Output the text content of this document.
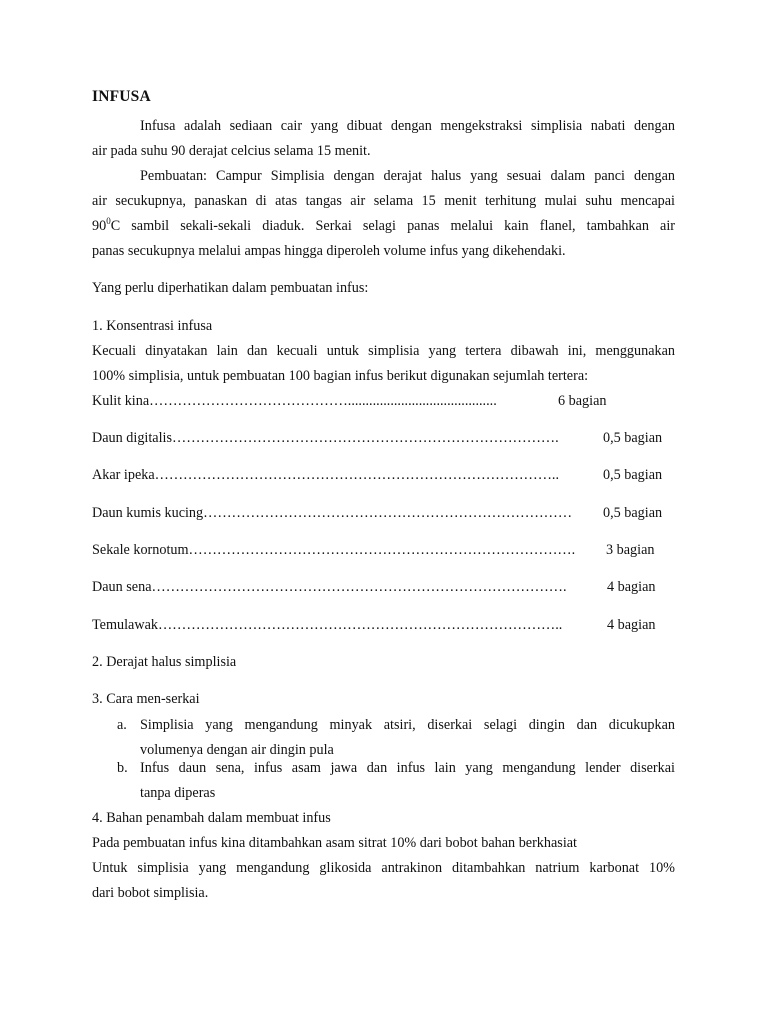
INFUSA
Infusa adalah sediaan cair yang dibuat dengan mengekstraksi simplisia nabati dengan
air pada suhu 90 derajat celcius selama 15 menit.
Pembuatan: Campur Simplisia dengan derajat halus yang sesuai dalam panci dengan
air secukupnya, panaskan di atas tangas air selama 15 menit terhitung mulai suhu mencapai
$90^0C$ sambil sekali-sekali diaduk. Serkai selagi panas melalui kain flanel, tambahkan air
panas secukupnya melalui ampas hingga diperoleh volume infus yang dikehendaki.
Yang perlu diperhatikan dalam pembuatan infus:
1. Konsentrasi infusa
Kecuali dinyatakan lain dan kecuali untuk simplisia yang tertera dibawah ini, menggunakan
100% simplisia, untuk pembuatan 100 bagian infus berikut digunakan sejumlah tertera:
Kulit kina……………………………………..........................................	6 bagian
Daun digitalis……………………………………………………………………….	0,5 bagian
Akar ipeka…………………………………………………………………………..	0,5 bagian
Daun kumis kucing…………………………………………………………………… 0,5 bagian
Sekale kornotum………………………………………………………………………. 3 bagian
Daun sena…………………………………………………………………………….	4 bagian
Temulawak…………………………………………………………………………..	4 bagian
2. Derajat halus simplisia
3. Cara men-serkai
a. Simplisia yang mengandung minyak atsiri, diserkai selagi dingin dan dicukupkan
volumenya dengan air dingin pula
b. Infus daun sena, infus asam jawa dan infus lain yang mengandung lender diserkai
tanpa diperas
4. Bahan penambah dalam membuat infus
Pada pembuatan infus kina ditambahkan asam sitrat 10% dari bobot bahan berkhasiat
Untuk simplisia yang mengandung glikosida antrakinon ditambahkan natrium karbonat 10%
dari bobot simplisia.
